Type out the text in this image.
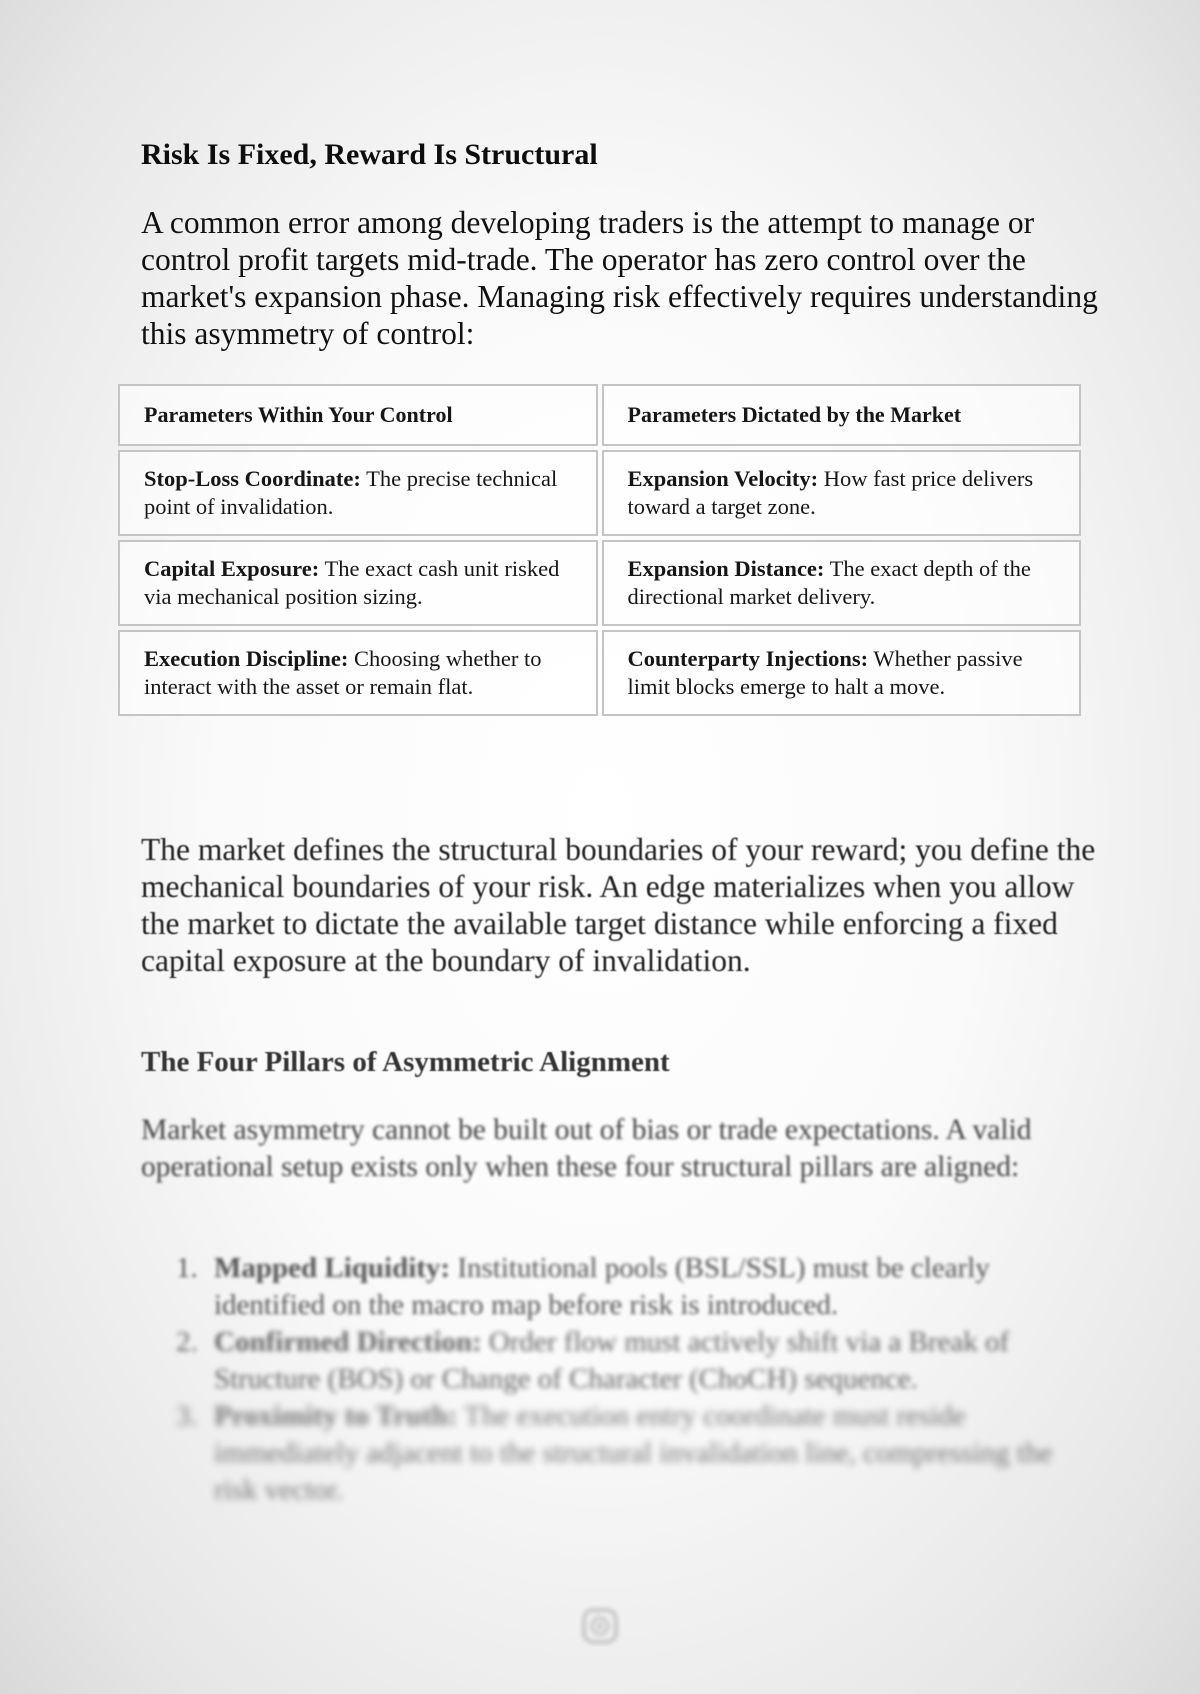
Risk Is Fixed, Reward Is Structural

A common error among developing traders is the attempt to manage or control profit targets mid-trade. The operator has zero control over the market's expansion phase. Managing risk effectively requires understanding this asymmetry of control:

Parameters Within Your Control	Parameters Dictated by the Market
Stop-Loss Coordinate: The precise technical point of invalidation.	Expansion Velocity: How fast price delivers toward a target zone.
Capital Exposure: The exact cash unit risked via mechanical position sizing.	Expansion Distance: The exact depth of the directional market delivery.
Execution Discipline: Choosing whether to interact with the asset or remain flat.	Counterparty Injections: Whether passive limit blocks emerge to halt a move.

The market defines the structural boundaries of your reward; you define the mechanical boundaries of your risk. An edge materializes when you allow the market to dictate the available target distance while enforcing a fixed capital exposure at the boundary of invalidation.

The Four Pillars of Asymmetric Alignment

Market asymmetry cannot be built out of bias or trade expectations. A valid operational setup exists only when these four structural pillars are aligned:

1. Mapped Liquidity: Institutional pools (BSL/SSL) must be clearly identified on the macro map before risk is introduced.
2. Confirmed Direction: Order flow must actively shift via a Break of Structure (BOS) or Change of Character (ChoCH) sequence.
3. Proximity to Truth: The execution entry coordinate must reside immediately adjacent to the structural invalidation line, compressing the risk vector.
